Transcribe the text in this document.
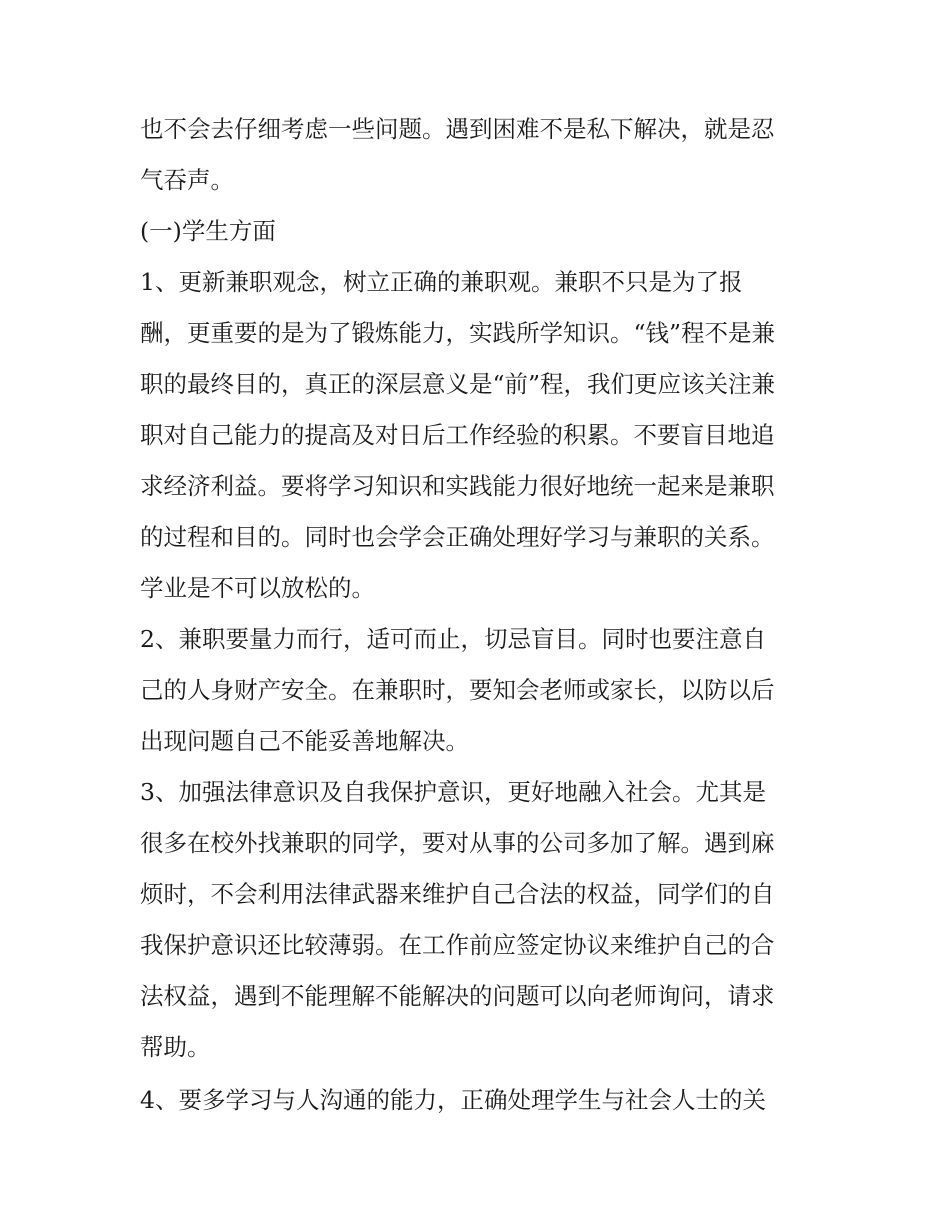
也不会去仔细考虑一些问题。遇到困难不是私下解决，就是忍
气吞声。
(一)学生方面
1、更新兼职观念，树立正确的兼职观。兼职不只是为了报
酬，更重要的是为了锻炼能力，实践所学知识。“钱”程不是兼
职的最终目的，真正的深层意义是“前”程，我们更应该关注兼
职对自己能力的提高及对日后工作经验的积累。不要盲目地追
求经济利益。要将学习知识和实践能力很好地统一起来是兼职
的过程和目的。同时也会学会正确处理好学习与兼职的关系。
学业是不可以放松的。
2、兼职要量力而行，适可而止，切忌盲目。同时也要注意自
己的人身财产安全。在兼职时，要知会老师或家长，以防以后
出现问题自己不能妥善地解决。
3、加强法律意识及自我保护意识，更好地融入社会。尤其是
很多在校外找兼职的同学，要对从事的公司多加了解。遇到麻
烦时，不会利用法律武器来维护自己合法的权益，同学们的自
我保护意识还比较薄弱。在工作前应签定协议来维护自己的合
法权益，遇到不能理解不能解决的问题可以向老师询问，请求
帮助。
4、要多学习与人沟通的能力，正确处理学生与社会人士的关
